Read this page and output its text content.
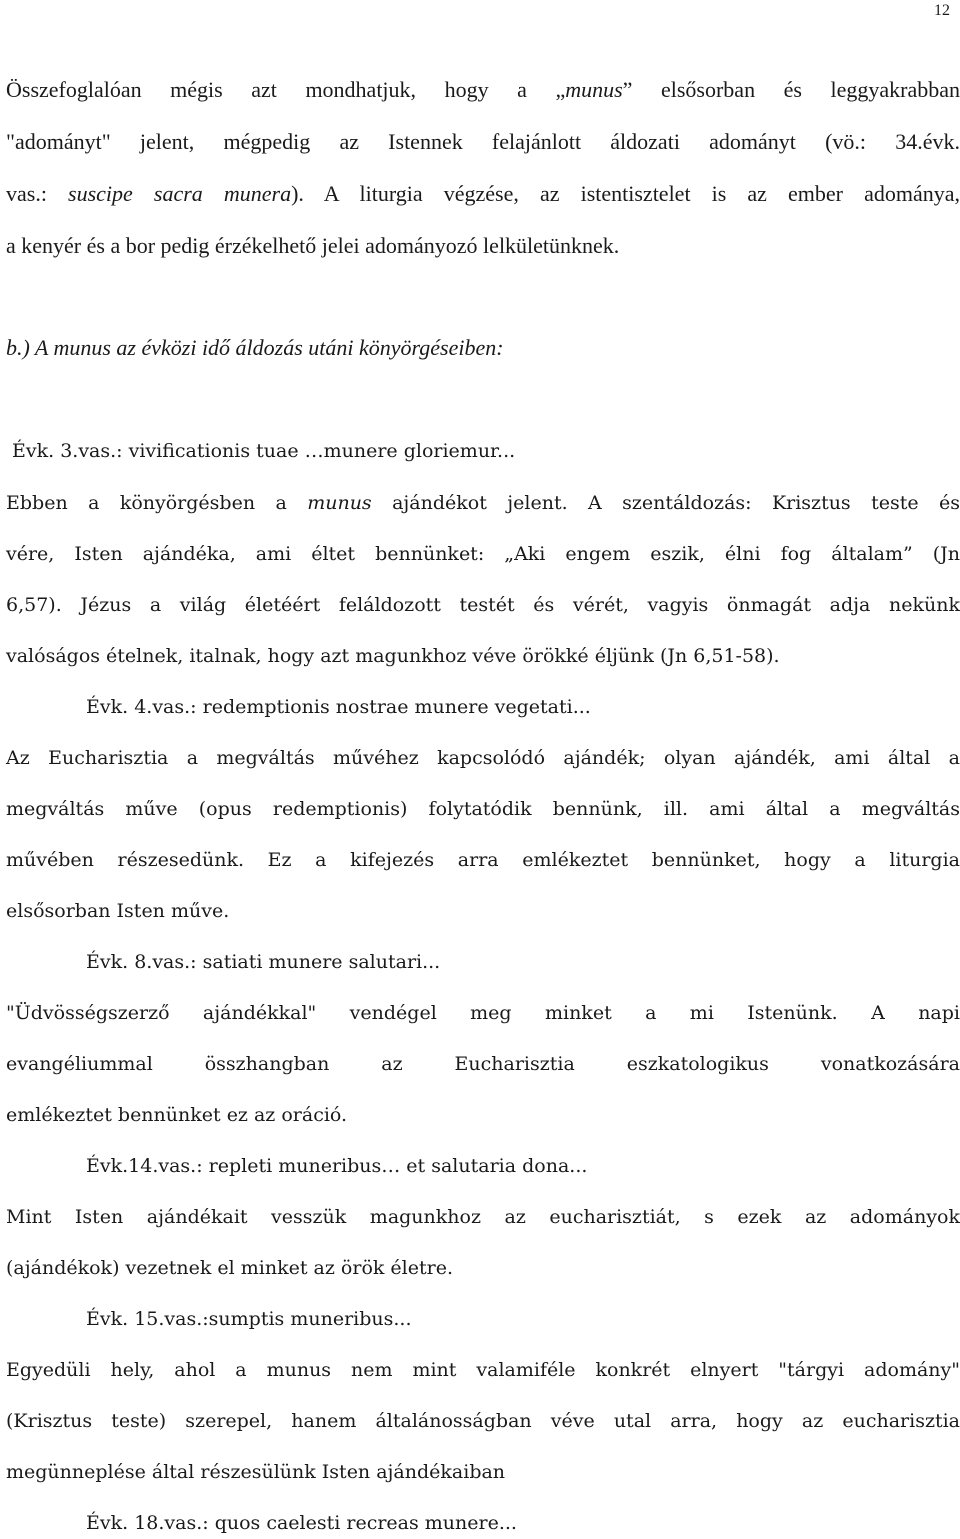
12
Összefoglalóan mégis azt mondhatjuk, hogy a „munus” elsősorban és leggyakrabban
"adományt" jelent, mégpedig az Istennek felajánlott áldozati adományt (vö.: 34.évk.
vas.: suscipe sacra munera). A liturgia végzése, az istentisztelet is az ember adománya,
a kenyér és a bor pedig érzékelhető jelei adományozó lelkületünknek.
b.) A munus az évközi idő áldozás utáni könyörgéseiben:
Évk. 3.vas.: vivificationis tuae …munere gloriemur...
Ebben a könyörgésben a munus ajándékot jelent. A szentáldozás: Krisztus teste és
vére, Isten ajándéka, ami éltet bennünket: „Aki engem eszik, élni fog általam” (Jn
6,57). Jézus a világ életéért feláldozott testét és vérét, vagyis önmagát adja nekünk
valóságos ételnek, italnak, hogy azt magunkhoz véve örökké éljünk (Jn 6,51-58).
Évk. 4.vas.: redemptionis nostrae munere vegetati...
Az Eucharisztia a megváltás művéhez kapcsolódó ajándék; olyan ajándék, ami által a
megváltás műve (opus redemptionis) folytatódik bennünk, ill. ami által a megváltás
művében részesedünk. Ez a kifejezés arra emlékeztet bennünket, hogy a liturgia
elsősorban Isten műve.
Évk. 8.vas.: satiati munere salutari...
"Üdvösségszerző ajándékkal" vendégel meg minket a mi Istenünk. A napi
evangéliummal összhangban az Eucharisztia eszkatologikus vonatkozására
emlékeztet bennünket ez az oráció.
Évk.14.vas.: repleti muneribus… et salutaria dona...
Mint Isten ajándékait vesszük magunkhoz az eucharisztiát, s ezek az adományok
(ajándékok) vezetnek el minket az örök életre.
Évk. 15.vas.:sumptis muneribus...
Egyedüli hely, ahol a munus nem mint valamiféle konkrét elnyert "tárgyi adomány"
(Krisztus teste) szerepel, hanem általánosságban véve utal arra, hogy az eucharisztia
megünneplése által részesülünk Isten ajándékaiban
Évk. 18.vas.: quos caelesti recreas munere...
